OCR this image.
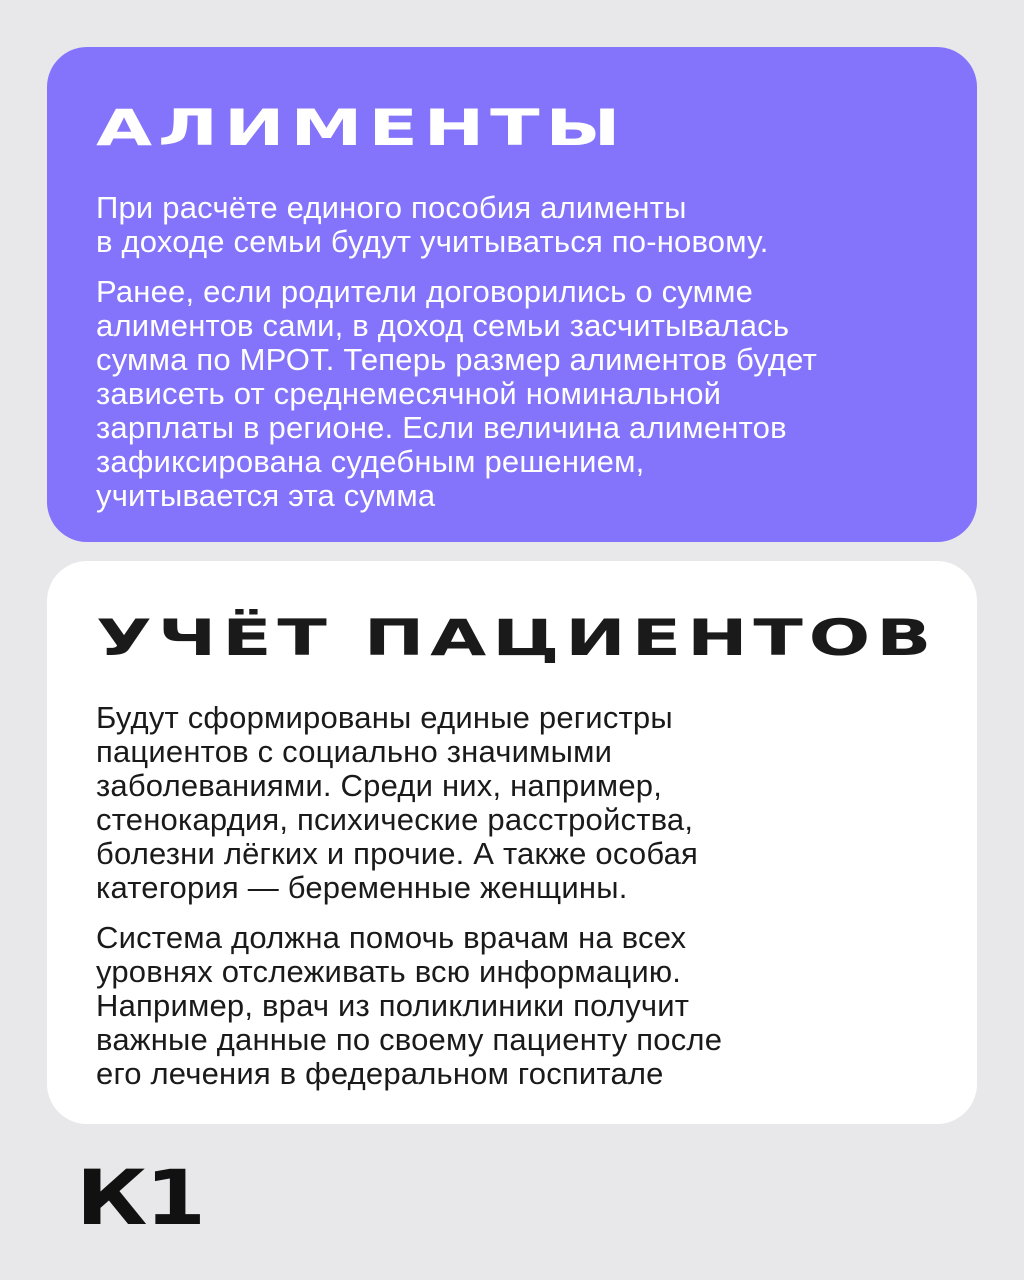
АЛИМЕНТЫ

При расчёте единого пособия алименты
в доходе семьи будут учитываться по-новому.

Ранее, если родители договорились о сумме
алиментов сами, в доход семьи засчитывалась
сумма по МРОТ. Теперь размер алиментов будет
зависеть от среднемесячной номинальной
зарплаты в регионе. Если величина алиментов
зафиксирована судебным решением,
учитывается эта сумма

УЧЁТ ПАЦИЕНТОВ

Будут сформированы единые регистры
пациентов с социально значимыми
заболеваниями. Среди них, например,
стенокардия, психические расстройства,
болезни лёгких и прочие. А также особая
категория — беременные женщины.

Система должна помочь врачам на всех
уровнях отслеживать всю информацию.
Например, врач из поликлиники получит
важные данные по своему пациенту после
его лечения в федеральном госпитале

К1
